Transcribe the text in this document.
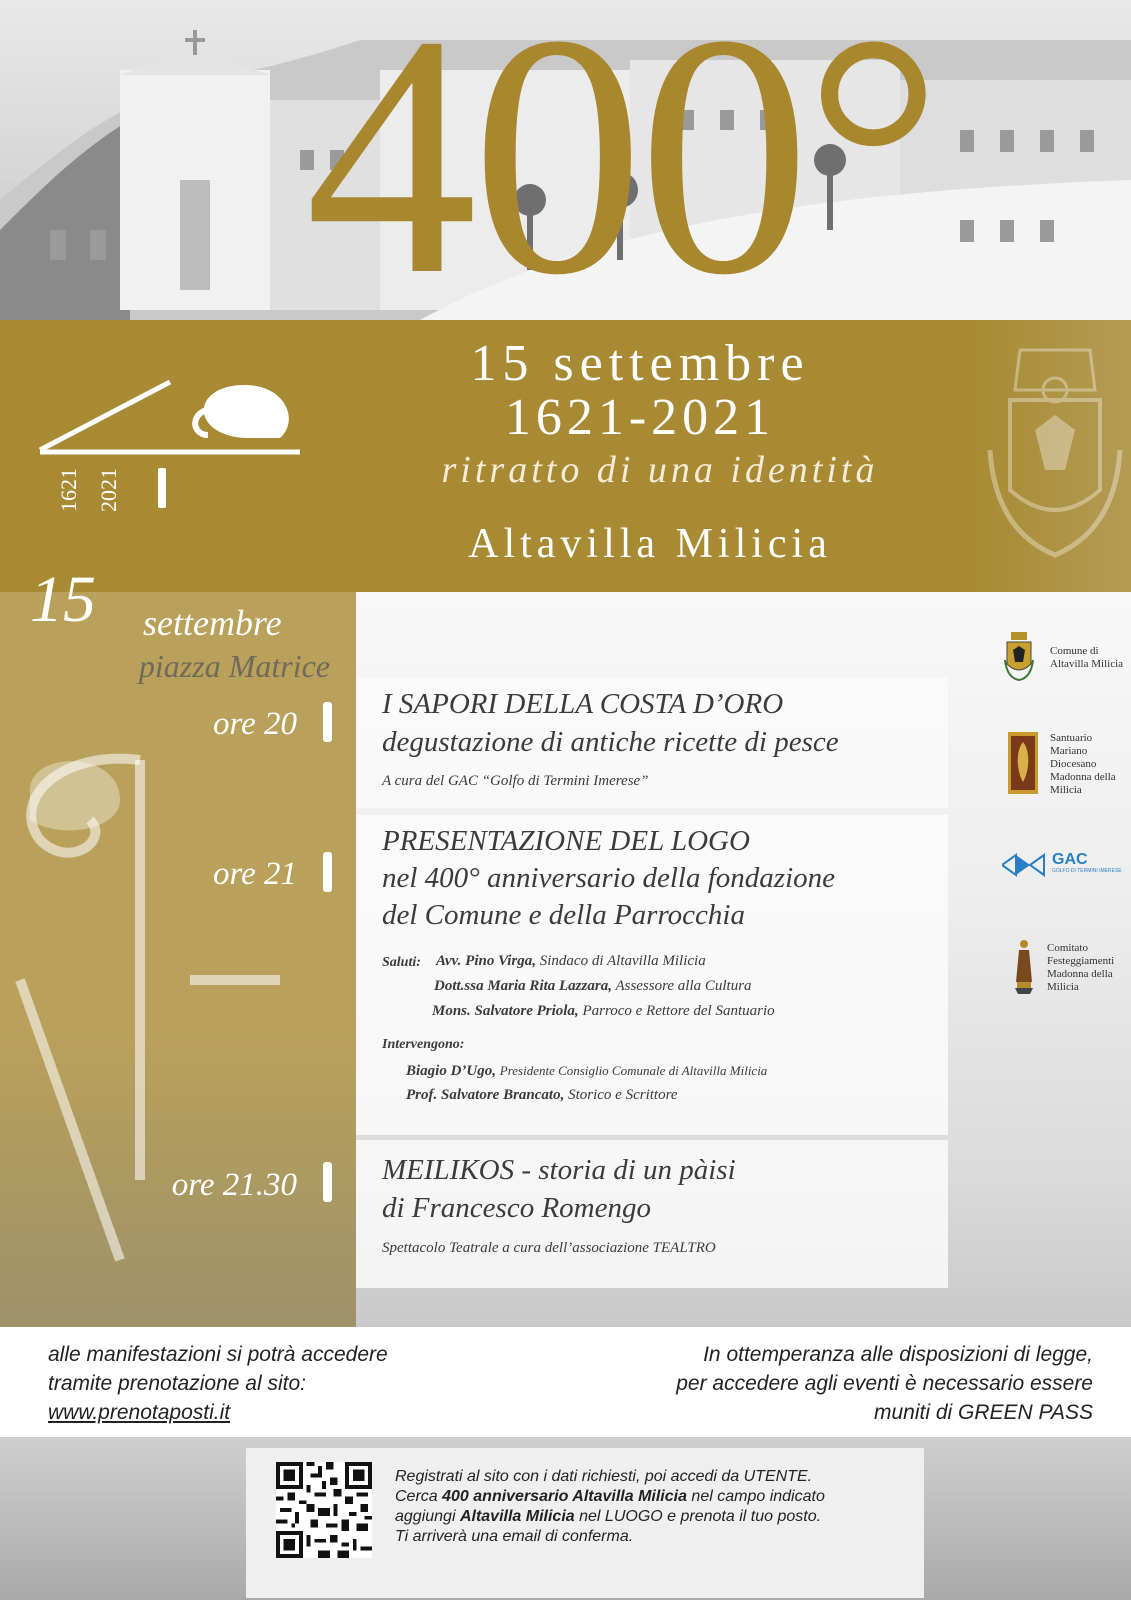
400°
1621 2021
15 settembre
1621-2021
ritratto di una identità
Altavilla Milicia
15 settembre
piazza Matrice
ore 20
ore 21
ore 21.30
I SAPORI DELLA COSTA D’ORO
degustazione di antiche ricette di pesce
A cura del GAC “Golfo di Termini Imerese”
PRESENTAZIONE DEL LOGO
nel 400° anniversario della fondazione
del Comune e della Parrocchia
Saluti: Avv. Pino Virga, Sindaco di Altavilla Milicia
Dott.ssa Maria Rita Lazzara, Assessore alla Cultura
Mons. Salvatore Priola, Parroco e Rettore del Santuario
Intervengono:
Biagio D’Ugo, Presidente Consiglio Comunale di Altavilla Milicia
Prof. Salvatore Brancato, Storico e Scrittore
MEILIKOS - storia di un pàisi
di Francesco Romengo
Spettacolo Teatrale a cura dell’associazione TEALTRO
Comune di
Altavilla Milicia
Santuario
Mariano
Diocesano
Madonna della
Milicia
GAC
GOLFO DI TERMINI IMERESE
Comitato
Festeggiamenti
Madonna della
Milicia
alle manifestazioni si potrà accedere
tramite prenotazione al sito:
www.prenotaposti.it
In ottemperanza alle disposizioni di legge,
per accedere agli eventi è necessario essere
muniti di GREEN PASS
Registrati al sito con i dati richiesti, poi accedi da UTENTE.
Cerca 400 anniversario Altavilla Milicia nel campo indicato
aggiungi Altavilla Milicia nel LUOGO e prenota il tuo posto.
Ti arriverà una email di conferma.
